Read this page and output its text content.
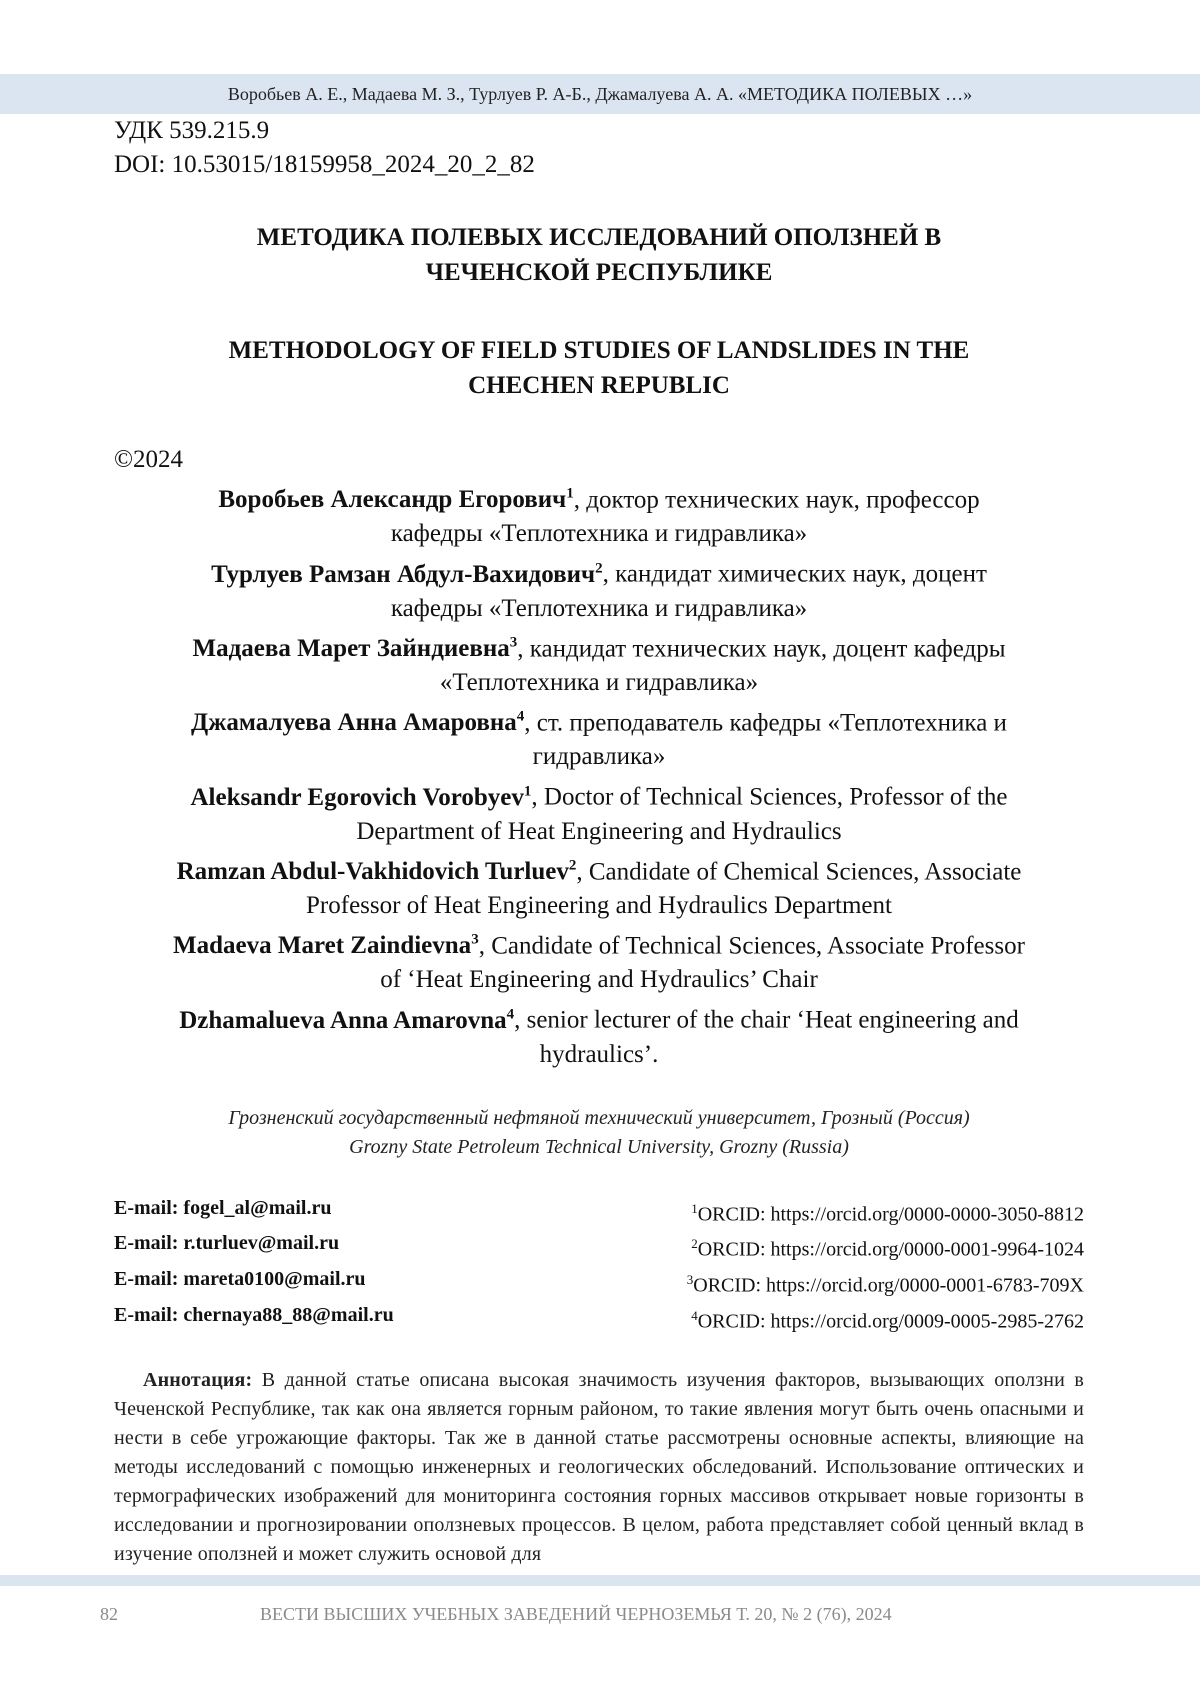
Воробьев А. Е., Мадаева М. З., Турлуев Р. А-Б., Джамалуева А. А. «МЕТОДИКА ПОЛЕВЫХ …»

УДК 539.215.9

DOI: 10.53015/18159958_2024_20_2_82

МЕТОДИКА ПОЛЕВЫХ ИССЛЕДОВАНИЙ ОПОЛЗНЕЙ В
ЧЕЧЕНСКОЙ РЕСПУБЛИКЕ
METHODOLOGY OF FIELD STUDIES OF LANDSLIDES IN THE
CHECHEN REPUBLIC
©2024

Воробьев Александр Егорович$^1$, доктор технических наук, профессор
кафедры «Теплотехника и гидравлика»

Турлуев Рамзан Абдул-Вахидович$^2$, кандидат химических наук, доцент
кафедры «Теплотехника и гидравлика»

Мадаева Марет Зайндиевна$^3$, кандидат технических наук, доцент кафедры
«Теплотехника и гидравлика»

Джамалуева Анна Амаровна$^4$, ст. преподаватель кафедры «Теплотехника и
гидравлика»

Aleksandr Egorovich Vorobyev$^1$, Doctor of Technical Sciences, Professor of the
Department of Heat Engineering and Hydraulics

Ramzan Abdul-Vakhidovich Turluev$^2$, Candidate of Chemical Sciences, Associate
Professor of Heat Engineering and Hydraulics Department

Madaeva Maret Zaindievna$^3$, Candidate of Technical Sciences, Associate Professor
of ‘Heat Engineering and Hydraulics’ Chair

Dzhamalueva Anna Amarovna$^4$, senior lecturer of the chair ‘Heat engineering and
hydraulics’.

Грозненский государственный нефтяной технический университет, Грозный (Россия)
Grozny State Petroleum Technical University, Grozny (Russia)
E-mail: fogel_al@mail.ru	$^1$ORCID: https://orcid.org/0000-0000-3050-8812
E-mail: r.turluev@mail.ru	$^2$ORCID: https://orcid.org/0000-0001-9964-1024
E-mail: mareta0100@mail.ru	$^3$ORCID: https://orcid.org/0000-0001-6783-709X
E-mail: chernaya88_88@mail.ru	$^4$ORCID: https://orcid.org/0009-0005-2985-2762
Аннотация: В данной статье описана высокая значимость изучения факторов, вызывающих оползни в Чеченской Республике, так как она является горным районом, то такие явления могут быть очень опасными и нести в себе угрожающие факторы. Так же в данной статье рассмотрены основные аспекты, влияющие на методы исследований с помощью инженерных и геологических обследований. Использование оптических и термографических изображений для мониторинга состояния горных массивов открывает новые горизонты в исследовании и прогнозировании оползневых процессов. В целом, работа представляет собой ценный вклад в изучение оползней и может служить основой для
82	ВЕСТИ ВЫСШИХ УЧЕБНЫХ ЗАВЕДЕНИЙ ЧЕРНОЗЕМЬЯ Т. 20, № 2 (76), 2024
